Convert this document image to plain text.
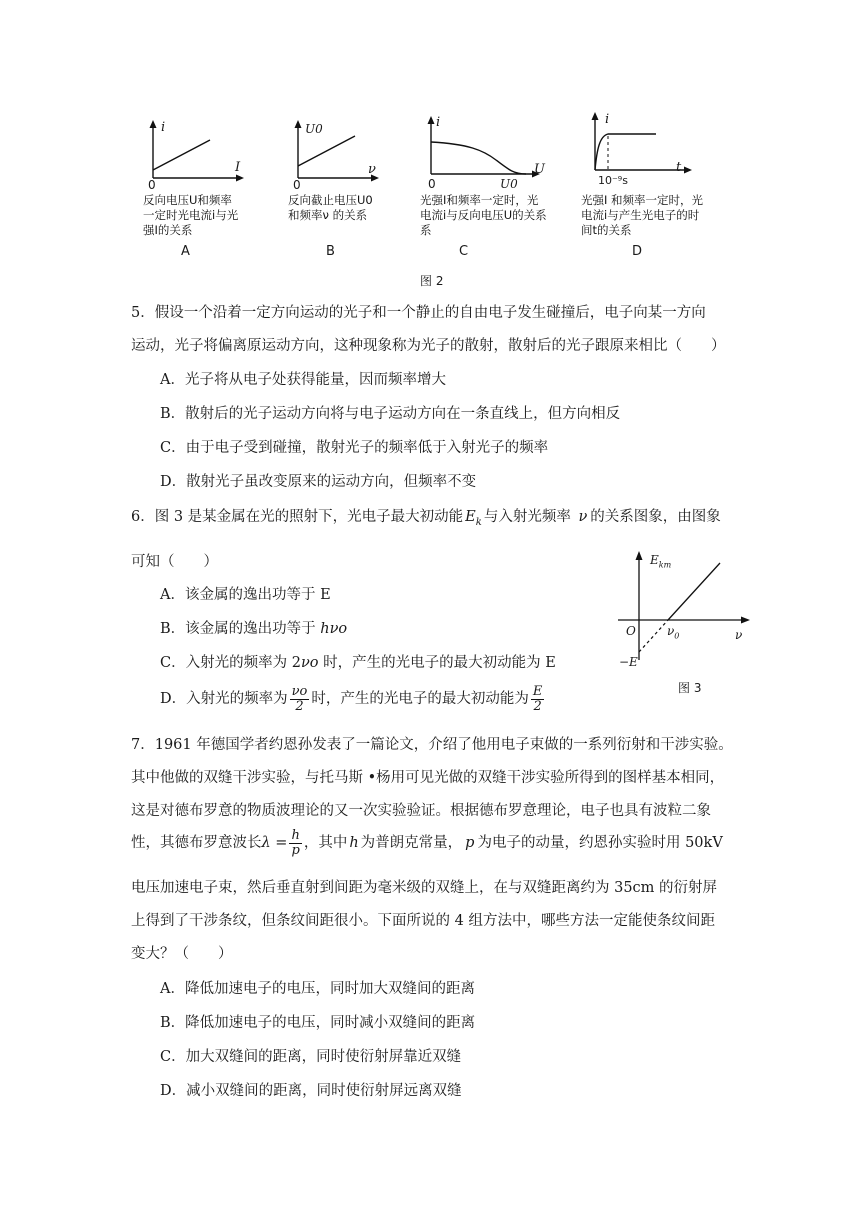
i
I
0
反向电压U和频率
一定时光电流i与光
强I的关系
A
U0
ν
0
反向截止电压U0
和频率ν 的关系
B
i
U
0	U0
光强I和频率一定时，光
电流i与反向电压U的关系
系
C
i
t
10⁻⁹s
光强I 和频率一定时，光
电流i与产生光电子的时
间t的关系
D
图 2
5．假设一个沿着一定方向运动的光子和一个静止的自由电子发生碰撞后，电子向某一方向
运动，光子将偏离原运动方向，这种现象称为光子的散射，散射后的光子跟原来相比（　　）
A．光子将从电子处获得能量，因而频率增大
B．散射后的光子运动方向将与电子运动方向在一条直线上，但方向相反
C．由于电子受到碰撞，散射光子的频率低于入射光子的频率
D．散射光子虽改变原来的运动方向，但频率不变
6．图 3 是某金属在光的照射下，光电子最大初动能 $E_k$ 与入射光频率 ν 的关系图象，由图象
可知（　　）
A．该金属的逸出功等于 E
B．该金属的逸出功等于 hνo
C．入射光的频率为 2νo 时，产生的光电子的最大初动能为 E
D．入射光的频率为 $\frac{\nu o}{2}$ 时，产生的光电子的最大初动能为 $\frac{E}{2}$
$E_{km}$
O	$\nu_0$	ν
−E
图 3
7．1961 年德国学者约恩孙发表了一篇论文，介绍了他用电子束做的一系列衍射和干涉实验。
其中他做的双缝干涉实验，与托马斯 •杨用可见光做的双缝干涉实验所得到的图样基本相同，
这是对德布罗意的物质波理论的又一次实验验证。根据德布罗意理论，电子也具有波粒二象
性，其德布罗意波长$\lambda = \frac{h}{p}$ ，其中 h 为普朗克常量， p 为电子的动量，约恩孙实验时用 50kV
电压加速电子束，然后垂直射到间距为毫米级的双缝上，在与双缝距离约为 35cm 的衍射屏
上得到了干涉条纹，但条纹间距很小。下面所说的 4 组方法中，哪些方法一定能使条纹间距
变大？（　　）
A．降低加速电子的电压，同时加大双缝间的距离
B．降低加速电子的电压，同时减小双缝间的距离
C．加大双缝间的距离，同时使衍射屏靠近双缝
D．减小双缝间的距离，同时使衍射屏远离双缝
